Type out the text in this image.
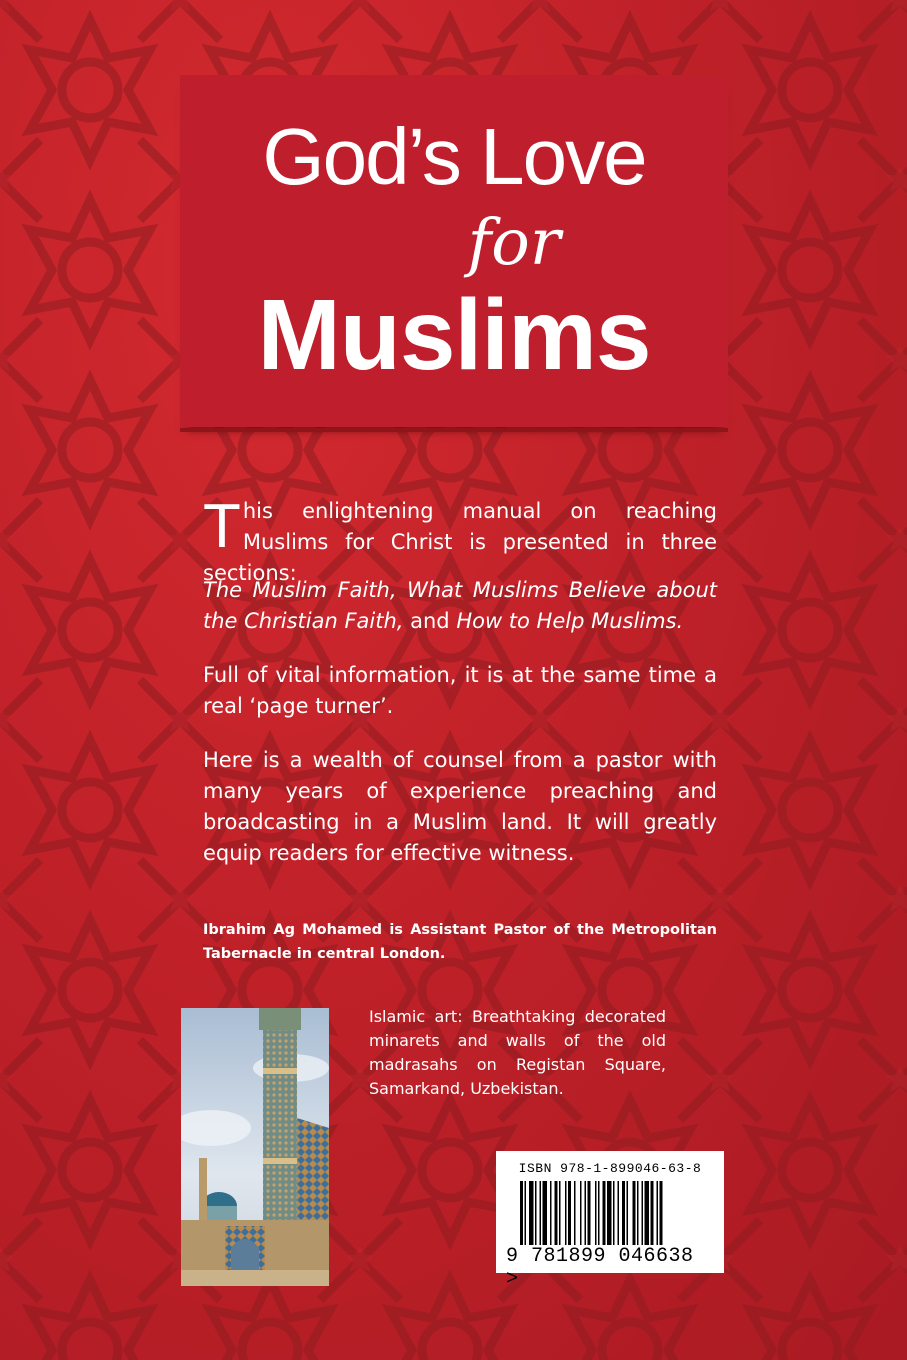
God’s Love
for
Muslims
This enlightening manual on reaching Muslims for Christ is presented in three sections:
The Muslim Faith, What Muslims Believe about the Christian Faith, and How to Help Muslims.
Full of vital information, it is at the same time a real ‘page turner’.
Here is a wealth of counsel from a pastor with many years of experience preaching and broadcasting in a Muslim land. It will greatly equip readers for effective witness.
Ibrahim Ag Mohamed is Assistant Pastor of the Metropolitan Tabernacle in central London.
Islamic art: Breathtaking decorated minarets and walls of the old madrasahs on Registan Square, Samarkand, Uzbekistan.
ISBN 978-1-899046-63-8
9 781899 046638 >
